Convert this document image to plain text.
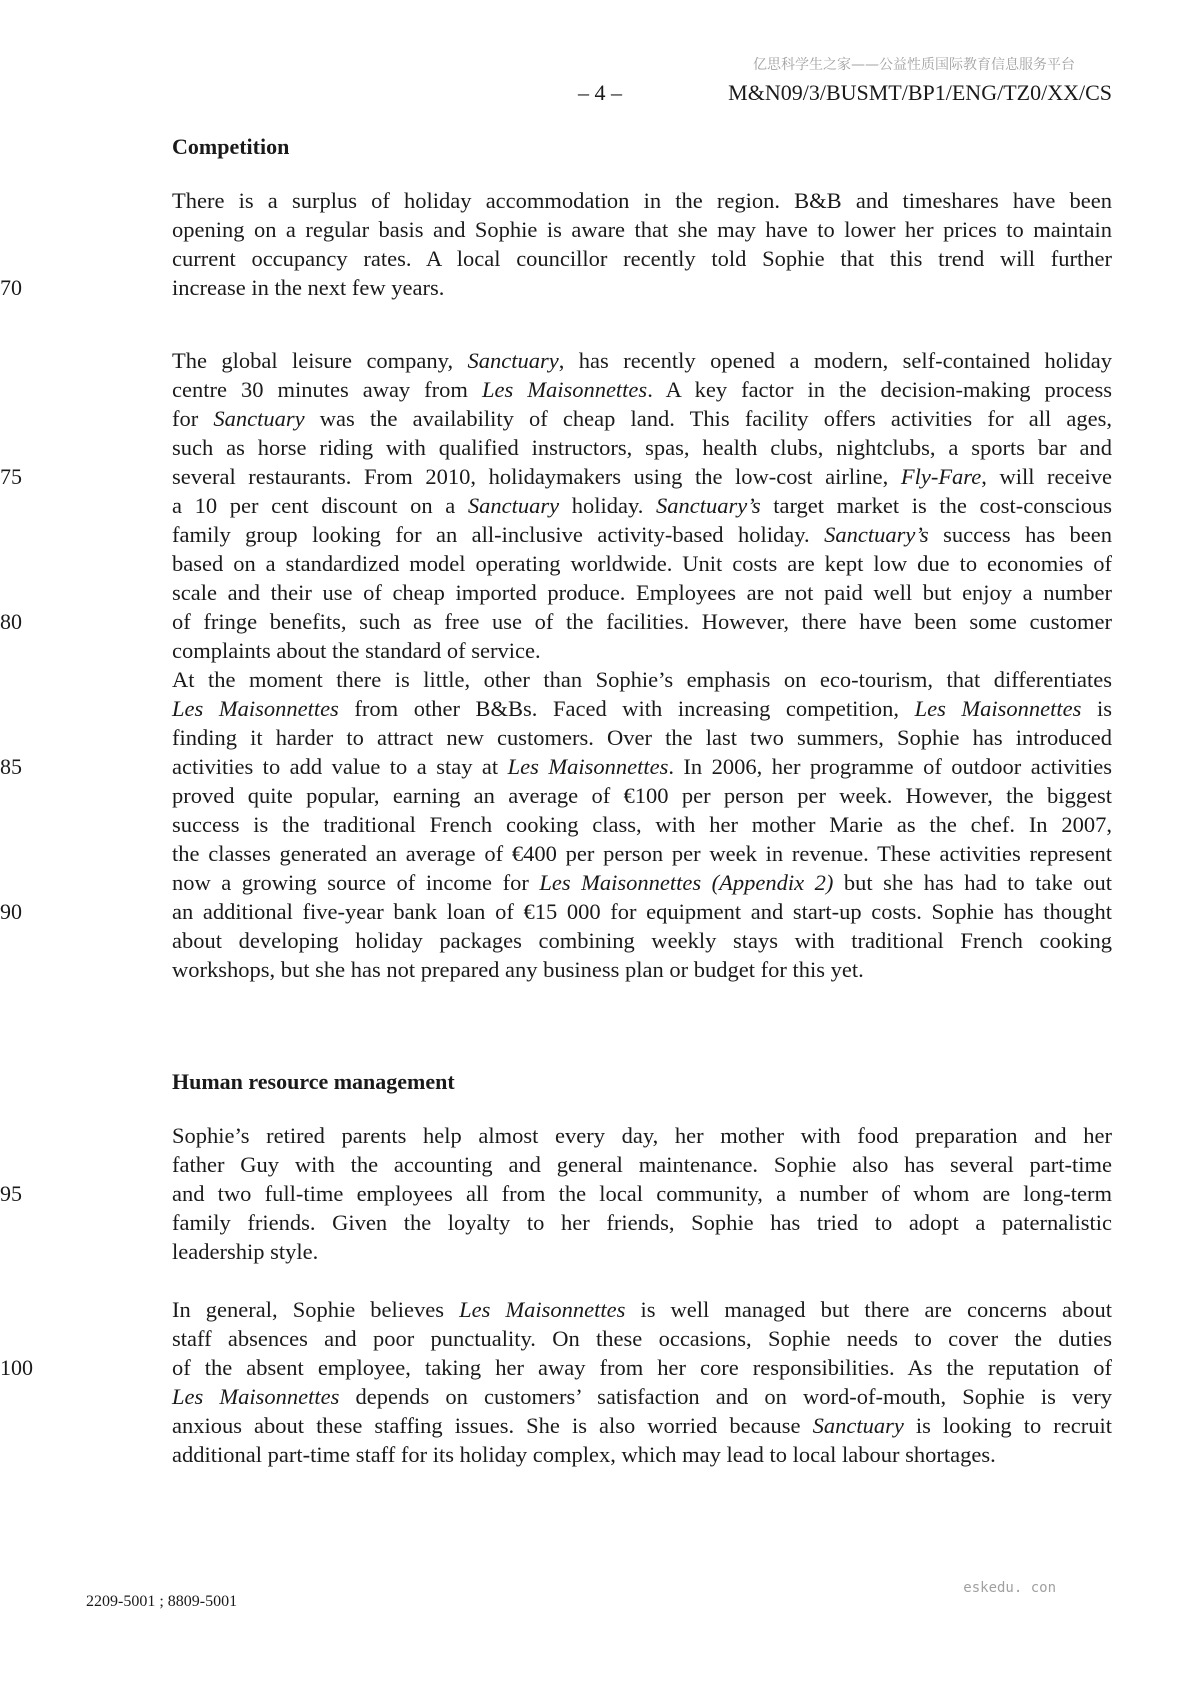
亿思科学生之家——公益性质国际教育信息服务平台
– 4 –	M&N09/3/BUSMT/BP1/ENG/TZ0/XX/CS
Competition
There is a surplus of holiday accommodation in the region. B&B and timeshares have been
opening on a regular basis and Sophie is aware that she may have to lower her prices to maintain
current occupancy rates. A local councillor recently told Sophie that this trend will further
increase in the next few years.
70
The global leisure company, Sanctuary, has recently opened a modern, self-contained holiday
centre 30 minutes away from Les Maisonnettes. A key factor in the decision-making process
for Sanctuary was the availability of cheap land. This facility offers activities for all ages,
such as horse riding with qualified instructors, spas, health clubs, nightclubs, a sports bar and
several restaurants. From 2010, holidaymakers using the low-cost airline, Fly-Fare, will receive
75
a 10 per cent discount on a Sanctuary holiday. Sanctuary’s target market is the cost-conscious
family group looking for an all-inclusive activity-based holiday. Sanctuary’s success has been
based on a standardized model operating worldwide. Unit costs are kept low due to economies of
scale and their use of cheap imported produce. Employees are not paid well but enjoy a number
of fringe benefits, such as free use of the facilities. However, there have been some customer
80
complaints about the standard of service.
At the moment there is little, other than Sophie’s emphasis on eco-tourism, that differentiates
Les Maisonnettes from other B&Bs. Faced with increasing competition, Les Maisonnettes is
finding it harder to attract new customers. Over the last two summers, Sophie has introduced
activities to add value to a stay at Les Maisonnettes. In 2006, her programme of outdoor activities
85
proved quite popular, earning an average of €100 per person per week. However, the biggest
success is the traditional French cooking class, with her mother Marie as the chef. In 2007,
the classes generated an average of €400 per person per week in revenue. These activities represent
now a growing source of income for Les Maisonnettes (Appendix 2) but she has had to take out
an additional five-year bank loan of €15 000 for equipment and start-up costs. Sophie has thought
90
about developing holiday packages combining weekly stays with traditional French cooking
workshops, but she has not prepared any business plan or budget for this yet.
Human resource management
Sophie’s retired parents help almost every day, her mother with food preparation and her
father Guy with the accounting and general maintenance. Sophie also has several part-time
and two full-time employees all from the local community, a number of whom are long-term
95
family friends. Given the loyalty to her friends, Sophie has tried to adopt a paternalistic
leadership style.
In general, Sophie believes Les Maisonnettes is well managed but there are concerns about
staff absences and poor punctuality. On these occasions, Sophie needs to cover the duties
of the absent employee, taking her away from her core responsibilities. As the reputation of
100
Les Maisonnettes depends on customers’ satisfaction and on word-of-mouth, Sophie is very
anxious about these staffing issues. She is also worried because Sanctuary is looking to recruit
additional part-time staff for its holiday complex, which may lead to local labour shortages.
2209-5001 ; 8809-5001
eskedu. con
